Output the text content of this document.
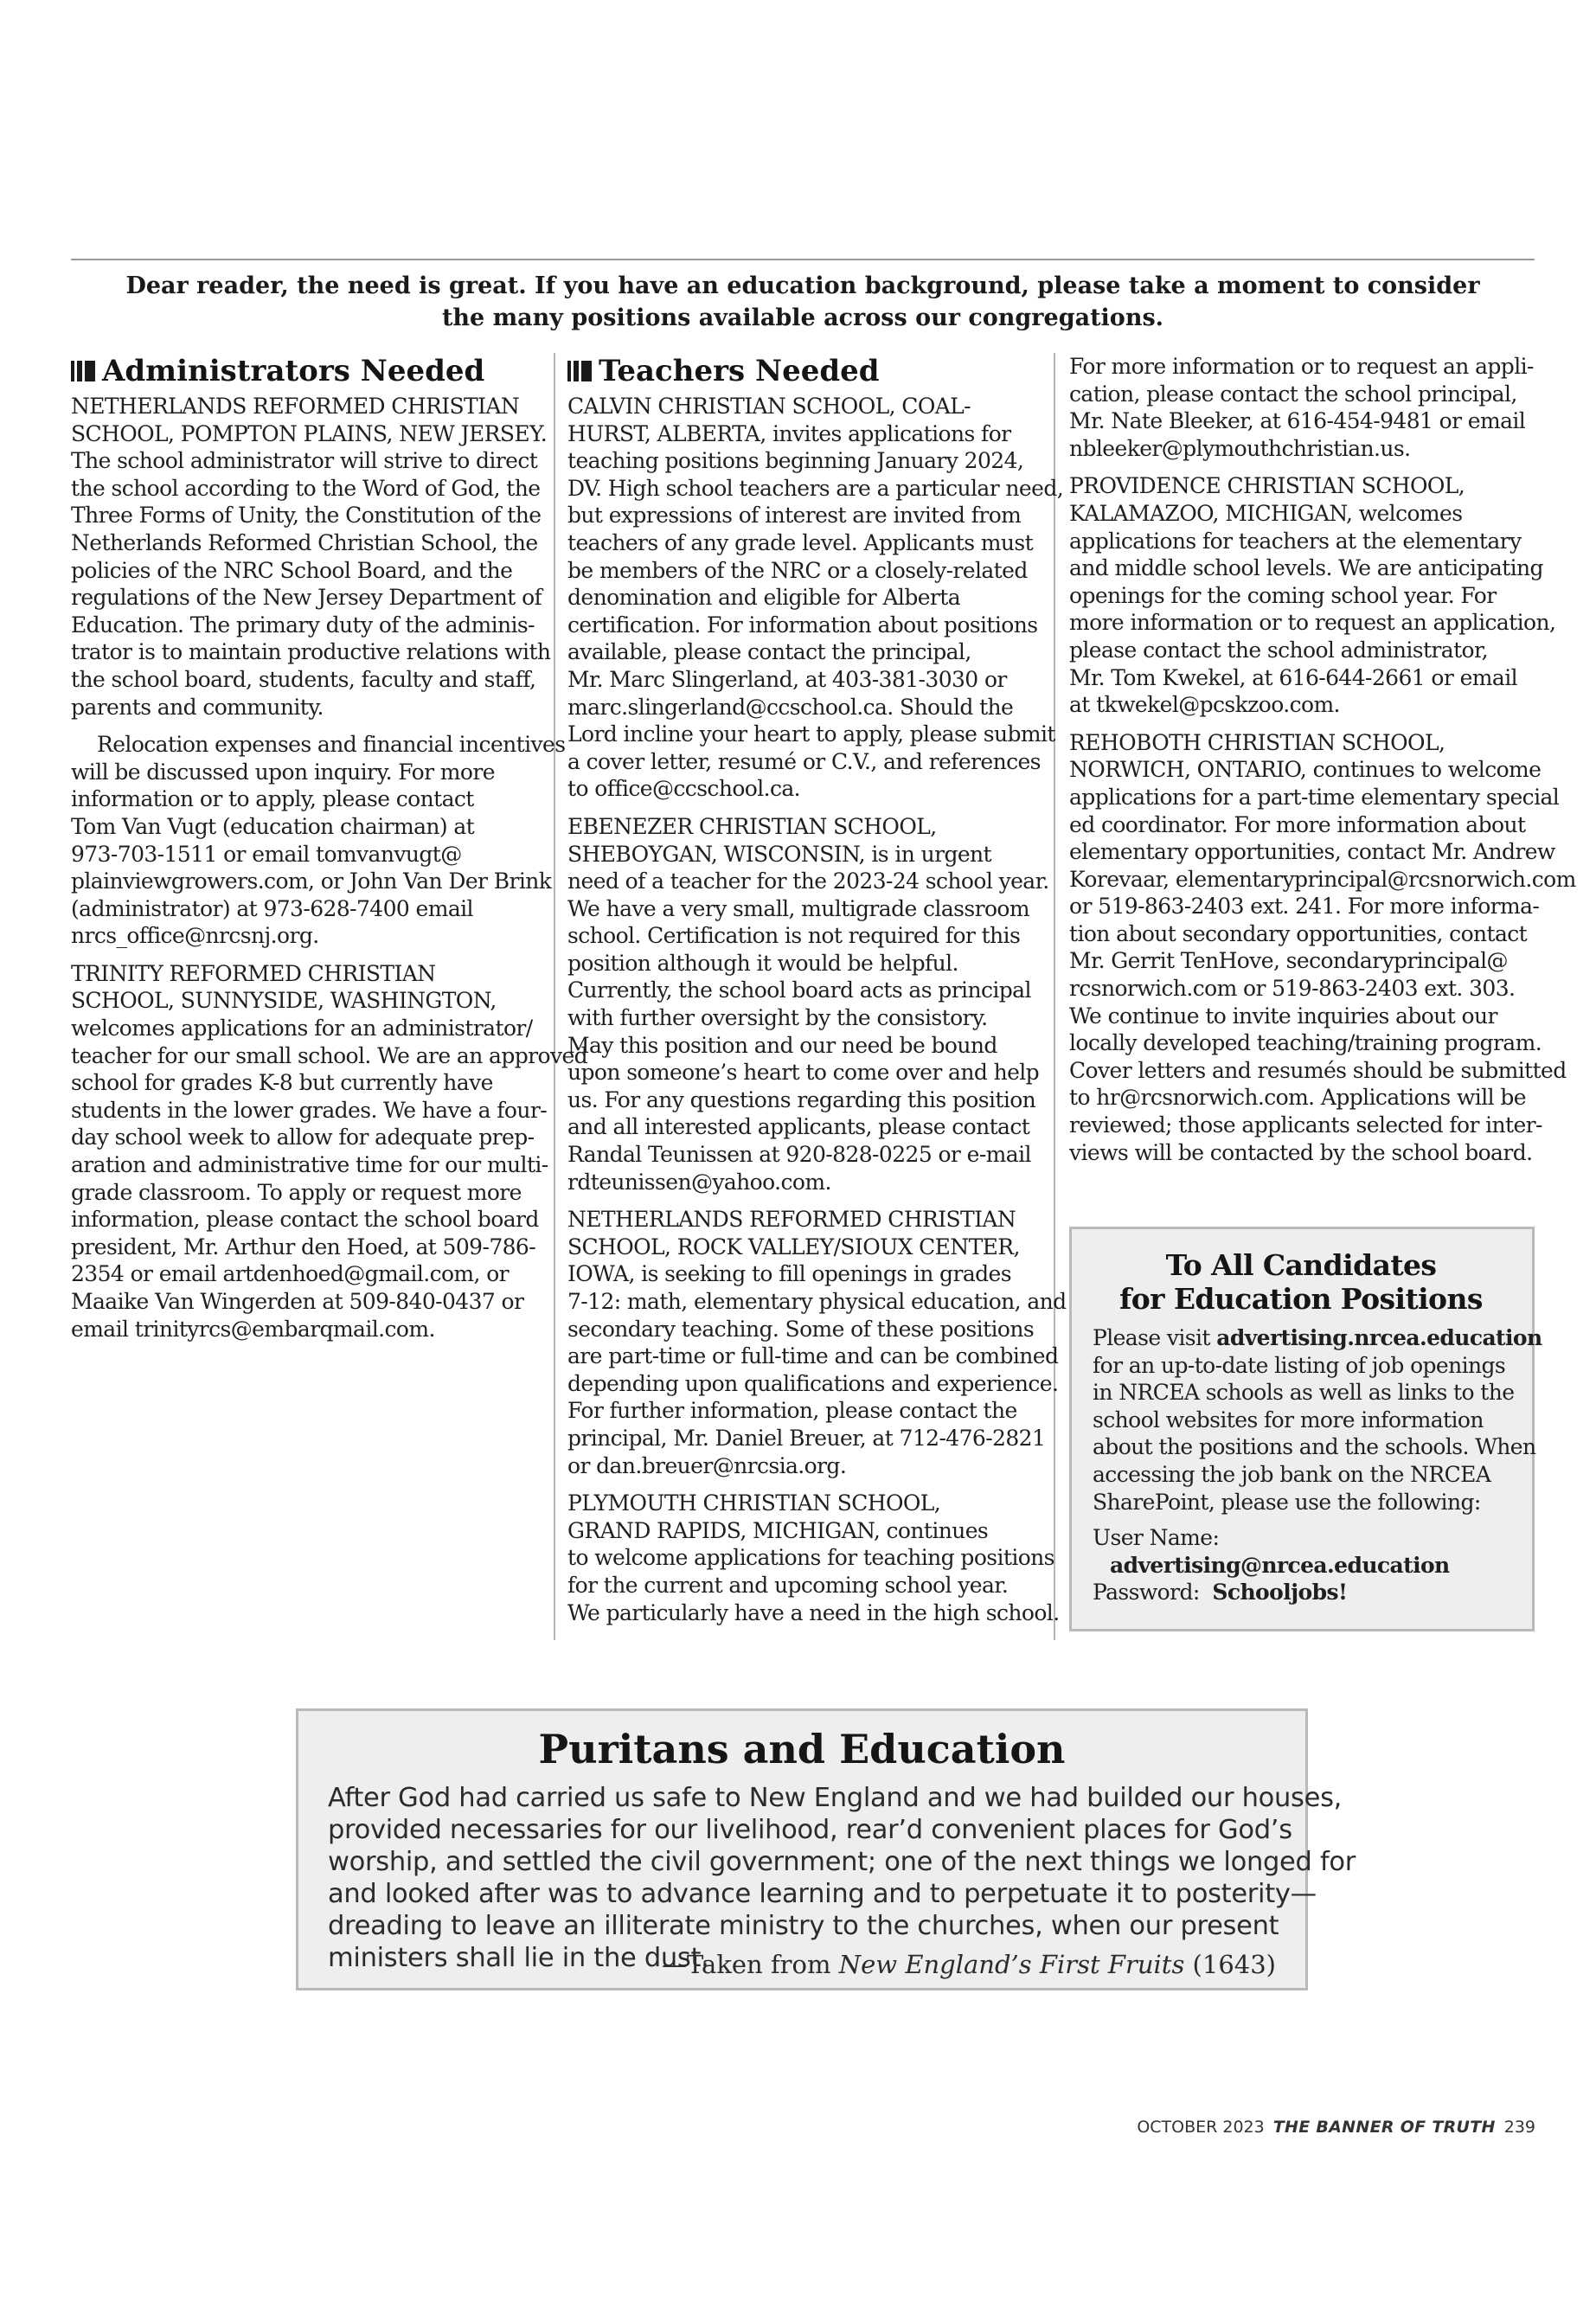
Dear reader, the need is great. If you have an education background, please take a moment to consider
the many positions available across our congregations.
Administrators Needed
NETHERLANDS REFORMED CHRISTIAN
SCHOOL, POMPTON PLAINS, NEW JERSEY.
The school administrator will strive to direct
the school according to the Word of God, the
Three Forms of Unity, the Constitution of the
Netherlands Reformed Christian School, the
policies of the NRC School Board, and the
regulations of the New Jersey Department of
Education. The primary duty of the adminis-
trator is to maintain productive relations with
the school board, students, faculty and staff,
parents and community.
Relocation expenses and financial incentives
will be discussed upon inquiry. For more
information or to apply, please contact
Tom Van Vugt (education chairman) at
973-703-1511 or email tomvanvugt@
plainviewgrowers.com, or John Van Der Brink
(administrator) at 973-628-7400 email
nrcs_office@nrcsnj.org.
TRINITY REFORMED CHRISTIAN
SCHOOL, SUNNYSIDE, WASHINGTON,
welcomes applications for an administrator/
teacher for our small school. We are an approved
school for grades K-8 but currently have
students in the lower grades. We have a four-
day school week to allow for adequate prep-
aration and administrative time for our multi-
grade classroom. To apply or request more
information, please contact the school board
president, Mr. Arthur den Hoed, at 509-786-
2354 or email artdenhoed@gmail.com, or
Maaike Van Wingerden at 509-840-0437 or
email trinityrcs@embarqmail.com.
Teachers Needed
CALVIN CHRISTIAN SCHOOL, COAL-
HURST, ALBERTA, invites applications for
teaching positions beginning January 2024,
DV. High school teachers are a particular need,
but expressions of interest are invited from
teachers of any grade level. Applicants must
be members of the NRC or a closely-related
denomination and eligible for Alberta
certification. For information about positions
available, please contact the principal,
Mr. Marc Slingerland, at 403-381-3030 or
marc.slingerland@ccschool.ca. Should the
Lord incline your heart to apply, please submit
a cover letter, resumé or C.V., and references
to office@ccschool.ca.
EBENEZER CHRISTIAN SCHOOL,
SHEBOYGAN, WISCONSIN, is in urgent
need of a teacher for the 2023-24 school year.
We have a very small, multigrade classroom
school. Certification is not required for this
position although it would be helpful.
Currently, the school board acts as principal
with further oversight by the consistory.
May this position and our need be bound
upon someone’s heart to come over and help
us. For any questions regarding this position
and all interested applicants, please contact
Randal Teunissen at 920-828-0225 or e-mail
rdteunissen@yahoo.com.
NETHERLANDS REFORMED CHRISTIAN
SCHOOL, ROCK VALLEY/SIOUX CENTER,
IOWA, is seeking to fill openings in grades
7-12: math, elementary physical education, and
secondary teaching. Some of these positions
are part-time or full-time and can be combined
depending upon qualifications and experience.
For further information, please contact the
principal, Mr. Daniel Breuer, at 712-476-2821
or dan.breuer@nrcsia.org.
PLYMOUTH CHRISTIAN SCHOOL,
GRAND RAPIDS, MICHIGAN, continues
to welcome applications for teaching positions
for the current and upcoming school year.
We particularly have a need in the high school.
For more information or to request an appli-
cation, please contact the school principal,
Mr. Nate Bleeker, at 616-454-9481 or email
nbleeker@plymouthchristian.us.
PROVIDENCE CHRISTIAN SCHOOL,
KALAMAZOO, MICHIGAN, welcomes
applications for teachers at the elementary
and middle school levels. We are anticipating
openings for the coming school year. For
more information or to request an application,
please contact the school administrator,
Mr. Tom Kwekel, at 616-644-2661 or email
at tkwekel@pcskzoo.com.
REHOBOTH CHRISTIAN SCHOOL,
NORWICH, ONTARIO, continues to welcome
applications for a part-time elementary special
ed coordinator. For more information about
elementary opportunities, contact Mr. Andrew
Korevaar, elementaryprincipal@rcsnorwich.com
or 519-863-2403 ext. 241. For more informa-
tion about secondary opportunities, contact
Mr. Gerrit TenHove, secondaryprincipal@
rcsnorwich.com or 519-863-2403 ext. 303.
We continue to invite inquiries about our
locally developed teaching/training program.
Cover letters and resumés should be submitted
to hr@rcsnorwich.com. Applications will be
reviewed; those applicants selected for inter-
views will be contacted by the school board.
To All Candidates
for Education Positions
Please visit advertising.nrcea.education
for an up-to-date listing of job openings
in NRCEA schools as well as links to the
school websites for more information
about the positions and the schools. When
accessing the job bank on the NRCEA
SharePoint, please use the following:
User Name:
advertising@nrcea.education
Password: Schooljobs!
Puritans and Education
After God had carried us safe to New England and we had builded our houses,
provided necessaries for our livelihood, rear’d convenient places for God’s
worship, and settled the civil government; one of the next things we longed for
and looked after was to advance learning and to perpetuate it to posterity—
dreading to leave an illiterate ministry to the churches, when our present
ministers shall lie in the dust.
—Taken from New England’s First Fruits (1643)
OCTOBER 2023 THE BANNER OF TRUTH 239
